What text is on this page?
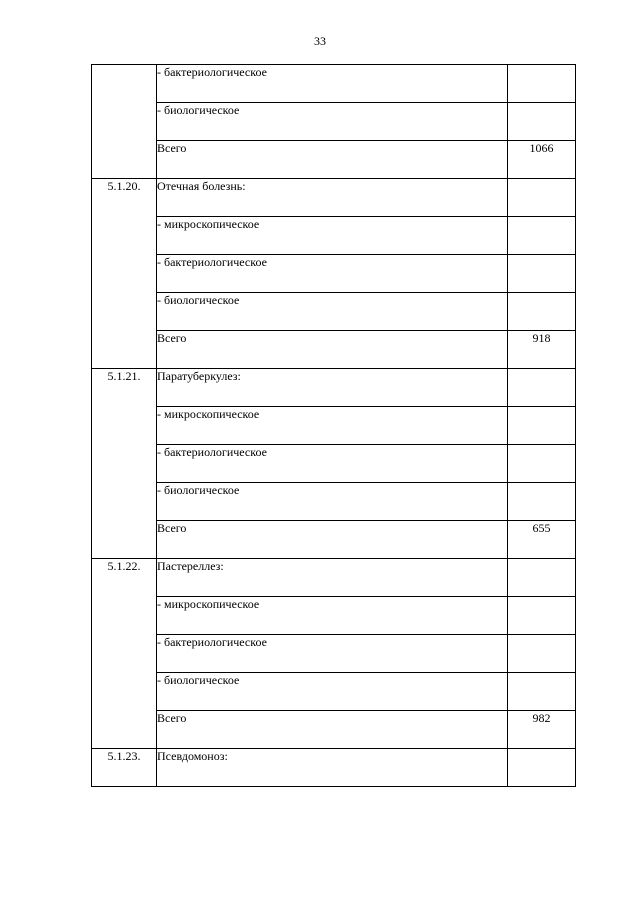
33
	- бактериологическое	
	- биологическое	
	Всего	1066
5.1.20.	Отечная болезнь:	
	- микроскопическое	
	- бактериологическое	
	- биологическое	
	Всего	918
5.1.21.	Паратуберкулез:	
	- микроскопическое	
	- бактериологическое	
	- биологическое	
	Всего	655
5.1.22.	Пастереллез:	
	- микроскопическое	
	- бактериологическое	
	- биологическое	
	Всего	982
5.1.23.	Псевдомоноз:	
